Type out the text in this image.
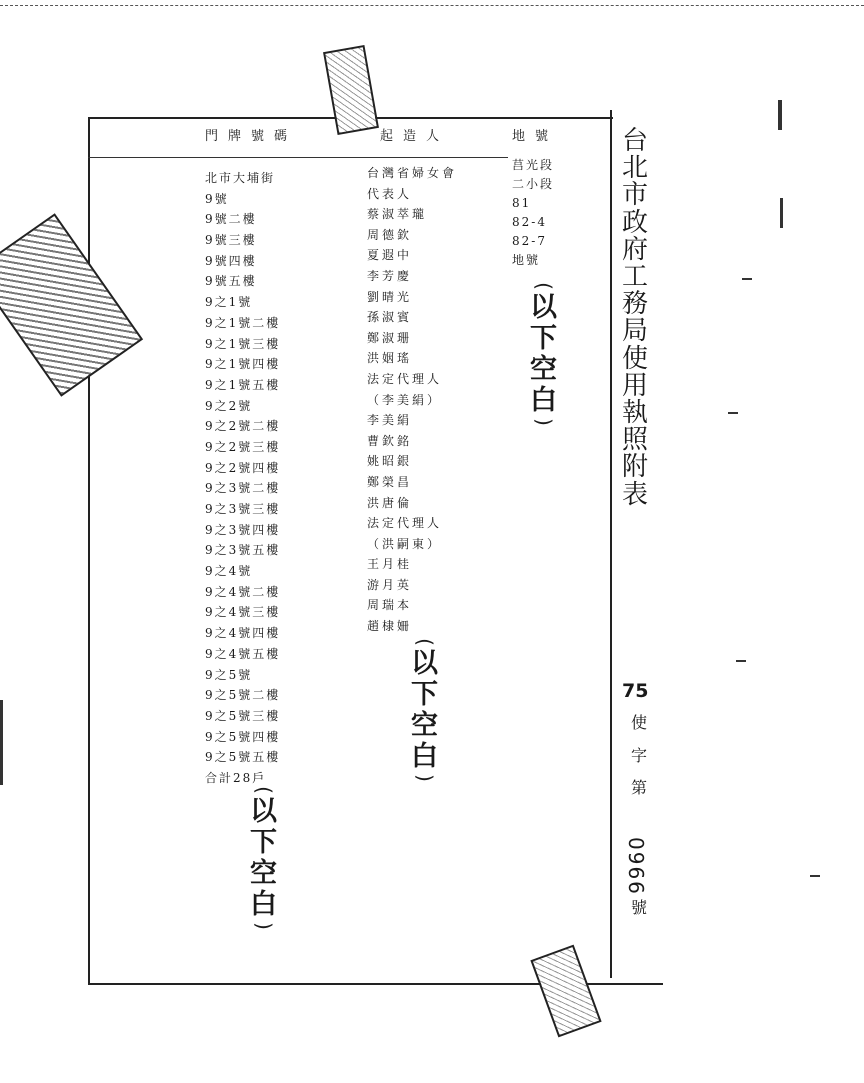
門牌號碼	起造人	地號
北市大埔街
9號
9號二樓
9號三樓
9號四樓
9號五樓
9之1號
9之1號二樓
9之1號三樓
9之1號四樓
9之1號五樓
9之2號
9之2號二樓
9之2號三樓
9之2號四樓
9之3號二樓
9之3號三樓
9之3號四樓
9之3號五樓
9之4號
9之4號二樓
9之4號三樓
9之4號四樓
9之4號五樓
9之5號
9之5號二樓
9之5號三樓
9之5號四樓
9之5號五樓
合計28戶
台灣省婦女會
代表人
蔡淑萃瓏
周德欽
夏遐中
李芳慶
劉晴光
孫淑賓
鄭淑珊
洪姻瑤
法定代理人
（李美絹）
李美絹
曹欽銘
姚昭銀
鄭榮昌
洪唐倫
法定代理人
（洪嗣東）
王月桂
游月英
周瑞本
趙棣姍
莒光段
二小段
81
82-4
82-7
地號
(
以
下
空
白
)
(
以
下
空
白
)
(
以
下
空
白
)
台
北
市
政
府
工
務
局
使
用
執
照
附
表
75
使
字
第
0966
號
